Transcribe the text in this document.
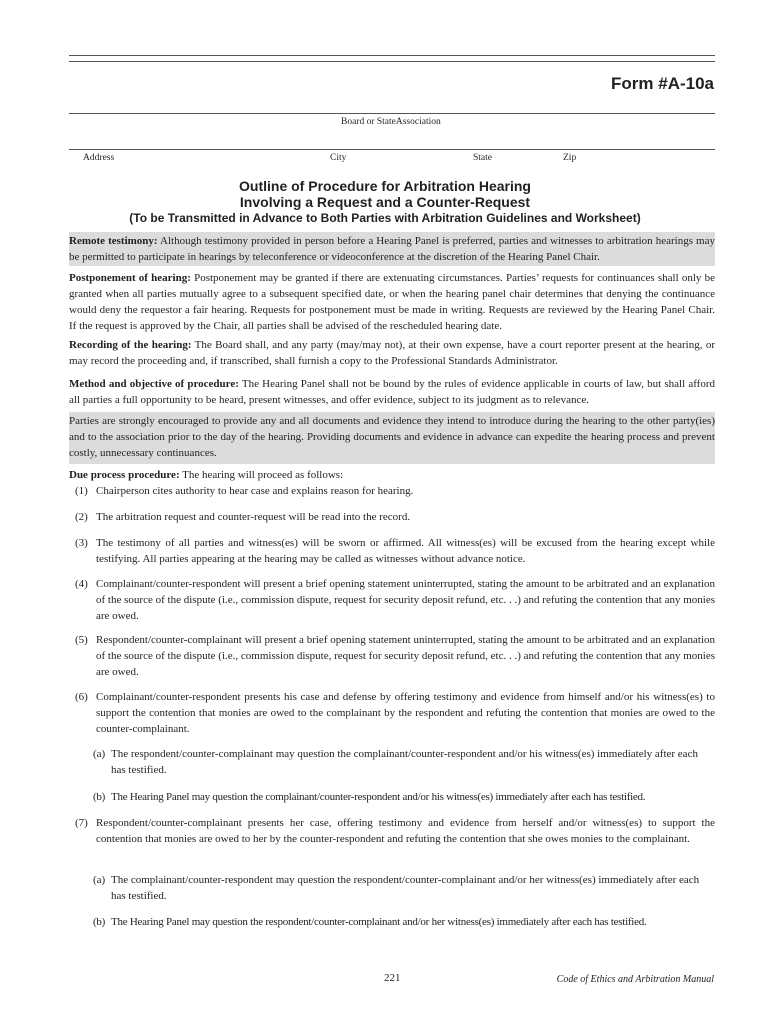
Form #A-10a
Board or StateAssociation
Address	City	State	Zip
Outline of Procedure for Arbitration Hearing
Involving a Request and a Counter-Request
(To be Transmitted in Advance to Both Parties with Arbitration Guidelines and Worksheet)
Remote testimony: Although testimony provided in person before a Hearing Panel is preferred, parties and witnesses to arbitration hearings may be permitted to participate in hearings by teleconference or videoconference at the discretion of the Hearing Panel Chair.
Postponement of hearing: Postponement may be granted if there are extenuating circumstances. Parties’ requests for continuances shall only be granted when all parties mutually agree to a subsequent specified date, or when the hearing panel chair determines that denying the continuance would deny the requestor a fair hearing. Requests for postponement must be made in writing. Requests are reviewed by the Hearing Panel Chair. If the request is approved by the Chair, all parties shall be advised of the rescheduled hearing date.
Recording of the hearing: The Board shall, and any party (may/may not), at their own expense, have a court reporter present at the hearing, or may record the proceeding and, if transcribed, shall furnish a copy to the Professional Standards Administrator.
Method and objective of procedure: The Hearing Panel shall not be bound by the rules of evidence applicable in courts of law, but shall afford all parties a full opportunity to be heard, present witnesses, and offer evidence, subject to its judgment as to relevance.
Parties are strongly encouraged to provide any and all documents and evidence they intend to introduce during the hearing to the other party(ies) and to the association prior to the day of the hearing. Providing documents and evidence in advance can expedite the hearing process and prevent costly, unnecessary continuances.
Due process procedure: The hearing will proceed as follows:
(1) Chairperson cites authority to hear case and explains reason for hearing.
(2) The arbitration request and counter-request will be read into the record.
(3) The testimony of all parties and witness(es) will be sworn or affirmed. All witness(es) will be excused from the hearing except while testifying. All parties appearing at the hearing may be called as witnesses without advance notice.
(4) Complainant/counter-respondent will present a brief opening statement uninterrupted, stating the amount to be arbitrated and an explanation of the source of the dispute (i.e., commission dispute, request for security deposit refund, etc. . .) and refuting the contention that any monies are owed.
(5) Respondent/counter-complainant will present a brief opening statement uninterrupted, stating the amount to be arbitrated and an explanation of the source of the dispute (i.e., commission dispute, request for security deposit refund, etc. . .) and refuting the contention that any monies are owed.
(6) Complainant/counter-respondent presents his case and defense by offering testimony and evidence from himself and/or his witness(es) to support the contention that monies are owed to the complainant by the respondent and refuting the contention that monies are owed to the counter-complainant.
(a) The respondent/counter-complainant may question the complainant/counter-respondent and/or his witness(es) immediately after each has testified.
(b) The Hearing Panel may question the complainant/counter-respondent and/or his witness(es) immediately after each has testified.
(7) Respondent/counter-complainant presents her case, offering testimony and evidence from herself and/or witness(es) to support the contention that monies are owed to her by the counter-respondent and refuting the contention that she owes monies to the complainant.
(a) The complainant/counter-respondent may question the respondent/counter-complainant and/or her witness(es) immediately after each has testified.
(b) The Hearing Panel may question the respondent/counter-complainant and/or her witness(es) immediately after each has testified.
221	Code of Ethics and Arbitration Manual
